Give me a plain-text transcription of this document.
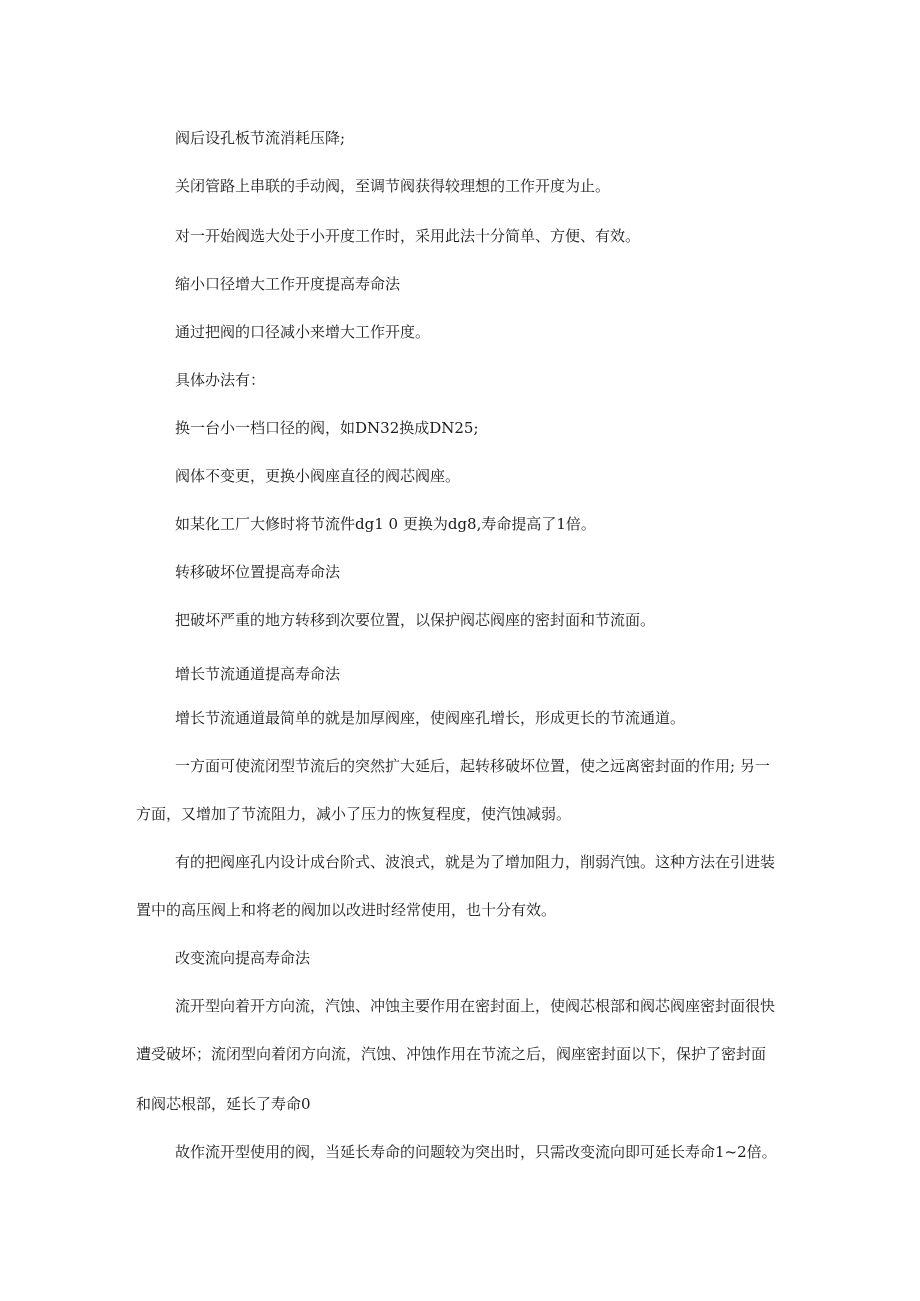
阀后设孔板节流消耗压降;
关闭管路上串联的手动阀，至调节阀获得较理想的工作开度为止。
对一开始阀选大处于小开度工作时，采用此法十分简单、方便、有效。
缩小口径增大工作开度提高寿命法
通过把阀的口径减小来增大工作开度。
具体办法有：
换一台小一档口径的阀，如DN32换成DN25;
阀体不变更，更换小阀座直径的阀芯阀座。
如某化工厂大修时将节流件dg1 0 更换为dg8,寿命提高了1倍。
转移破坏位置提高寿命法
把破坏严重的地方转移到次要位置，以保护阀芯阀座的密封面和节流面。
增长节流通道提高寿命法
增长节流通道最简单的就是加厚阀座，使阀座孔增长，形成更长的节流通道。
一方面可使流闭型节流后的突然扩大延后，起转移破坏位置，使之远离密封面的作用; 另一
方面，又增加了节流阻力，减小了压力的恢复程度，使汽蚀减弱。
有的把阀座孔内设计成台阶式、波浪式，就是为了增加阻力，削弱汽蚀。这种方法在引进装
置中的高压阀上和将老的阀加以改进时经常使用，也十分有效。
改变流向提高寿命法
流开型向着开方向流，汽蚀、冲蚀主要作用在密封面上，使阀芯根部和阀芯阀座密封面很快
遭受破坏；流闭型向着闭方向流，汽蚀、冲蚀作用在节流之后，阀座密封面以下，保护了密封面
和阀芯根部，延长了寿命0
故作流开型使用的阀，当延长寿命的问题较为突出时，只需改变流向即可延长寿命1~2倍。
